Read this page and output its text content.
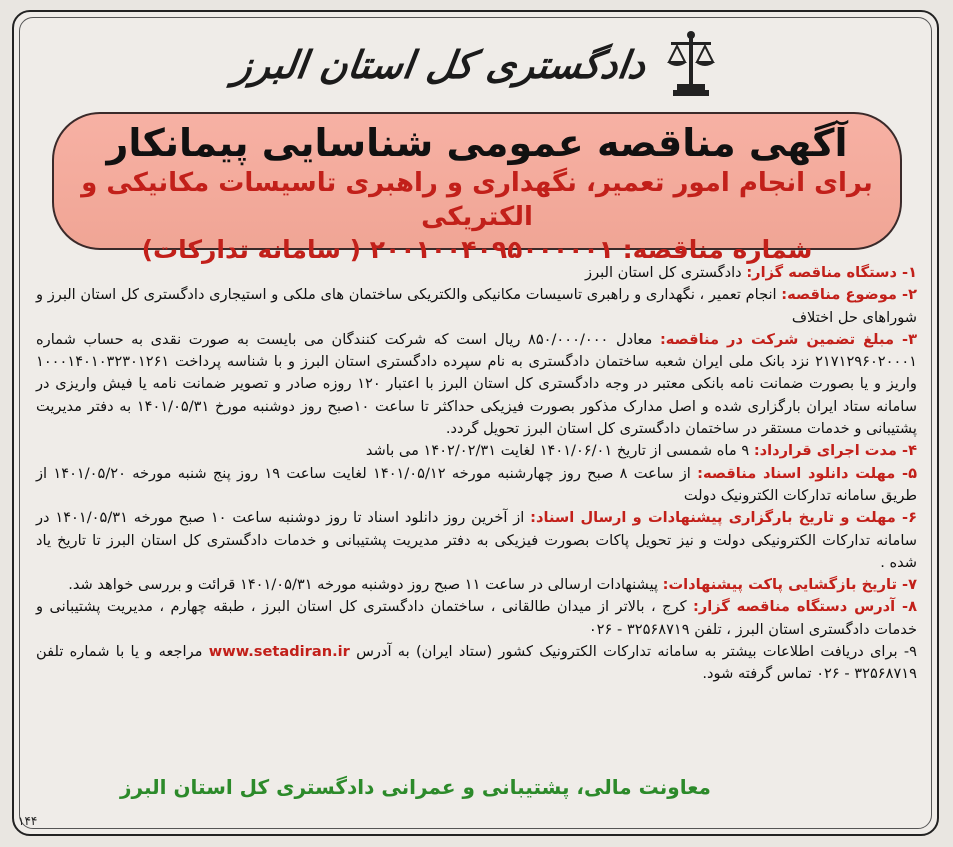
دادگستری کل استان البرز
آگهی مناقصه عمومی شناسایی پیمانکار
برای انجام امور تعمیر، نگهداری و راهبری تاسیسات مکانیکی و الکتریکی
شماره مناقصه: ۲۰۰۱۰۰۴۰۹۵۰۰۰۰۰۱ ( سامانه تدارکات)

۱- دستگاه مناقصه گزار: دادگستری کل استان البرز

۲- موضوع مناقصه: انجام تعمیر ، نگهداری و راهبری تاسیسات مکانیکی والکتریکی ساختمان های ملکی و استیجاری دادگستری کل استان البرز و شوراهای حل اختلاف

۳- مبلغ تضمین شرکت در مناقصه: معادل ۸۵۰/۰۰۰/۰۰۰ ریال است که شرکت کنندگان می بایست به صورت نقدی به حساب شماره ۲۱۷۱۲۹۶۰۲۰۰۰۱ نزد بانک ملی ایران شعبه ساختمان دادگستری به نام سپرده دادگستری استان البرز و با شناسه پرداخت ۱۰۰۰۱۴۰۱۰۳۲۳۰۱۲۶۱ واریز و یا بصورت ضمانت نامه بانکی معتبر در وجه دادگستری کل استان البرز با اعتبار ۱۲۰ روزه صادر و تصویر ضمانت نامه یا فیش واریزی در سامانه ستاد ایران بارگزاری شده و اصل مدارک مذکور بصورت فیزیکی حداکثر تا ساعت ۱۰صبح روز دوشنبه مورخ ۱۴۰۱/۰۵/۳۱ به دفتر مدیریت پشتیبانی و خدمات مستقر در ساختمان دادگستری کل استان البرز تحویل گردد.

۴- مدت اجرای قرارداد: ۹ ماه شمسی از تاریخ ۱۴۰۱/۰۶/۰۱ لغایت ۱۴۰۲/۰۲/۳۱ می باشد

۵- مهلت دانلود اسناد مناقصه: از ساعت ۸ صبح روز چهارشنبه مورخه ۱۴۰۱/۰۵/۱۲ لغایت ساعت ۱۹ روز پنج شنبه مورخه ۱۴۰۱/۰۵/۲۰ از طریق سامانه تدارکات الکترونیک دولت

۶- مهلت و تاریخ بارگزاری پیشنهادات و ارسال اسناد: از آخرین روز دانلود اسناد تا روز دوشنبه ساعت ۱۰ صبح مورخه ۱۴۰۱/۰۵/۳۱ در سامانه تدارکات الکترونیکی دولت و نیز تحویل پاکات بصورت فیزیکی به دفتر مدیریت پشتیبانی و خدمات دادگستری کل استان البرز تا تاریخ یاد شده .

۷- تاریخ بازگشایی پاکت پیشنهادات: پیشنهادات ارسالی در ساعت ۱۱ صبح روز دوشنبه مورخه ۱۴۰۱/۰۵/۳۱ قرائت و بررسی خواهد شد.

۸- آدرس دستگاه مناقصه گزار: کرج ، بالاتر از میدان طالقانی ، ساختمان دادگستری کل استان البرز ، طبقه چهارم ، مدیریت پشتیبانی و خدمات دادگستری استان البرز ، تلفن ۳۲۵۶۸۷۱۹ - ۰۲۶

۹- برای دریافت اطلاعات بیشتر به سامانه تدارکات الکترونیک کشور (ستاد ایران) به آدرس www.setadiran.ir مراجعه و یا با شماره تلفن ۳۲۵۶۸۷۱۹ - ۰۲۶ تماس گرفته شود.

معاونت مالی، پشتیبانی و عمرانی دادگستری کل استان البرز
۱۴۴
